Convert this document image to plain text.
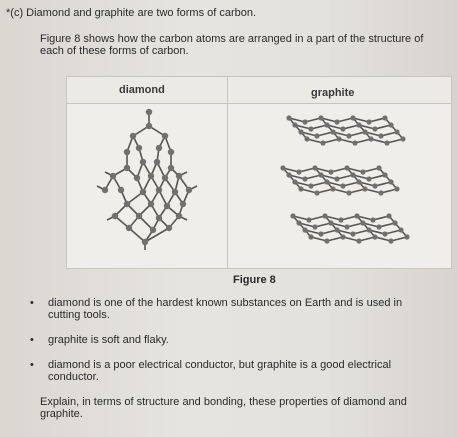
*(c) Diamond and graphite are two forms of carbon.
Figure 8 shows how the carbon atoms are arranged in a part of the structure of each of these forms of carbon.
diamond	graphite
Figure 8
• diamond is one of the hardest known substances on Earth and is used in cutting tools.
• graphite is soft and flaky.
• diamond is a poor electrical conductor, but graphite is a good electrical conductor.
Explain, in terms of structure and bonding, these properties of diamond and graphite.
